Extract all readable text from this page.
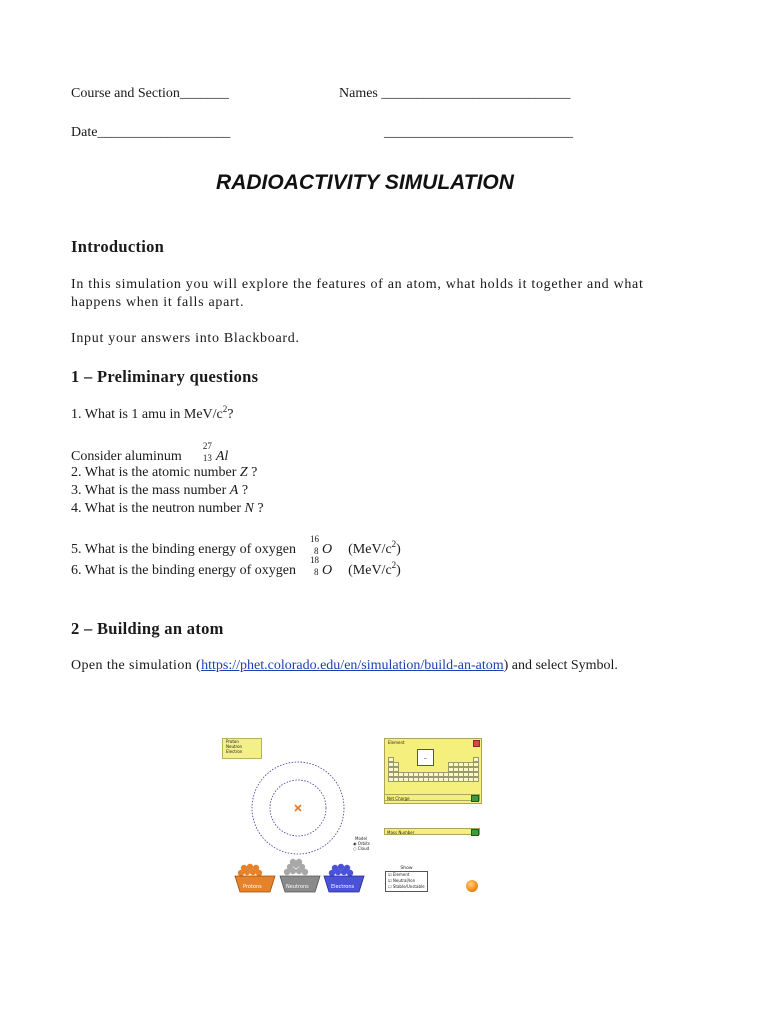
Course and Section_______	Names ___________________________
Date___________________	___________________________
RADIOACTIVITY SIMULATION
Introduction
In this simulation you will explore the features of an atom, what holds it together and what
happens when it falls apart.
Input your answers into Blackboard.
1 – Preliminary questions
1. What is 1 amu in MeV/$c^2$?
Consider aluminum
27
13 Al
2. What is the atomic number Z ?
3. What is the mass number A ?
4. What is the neutron number N ?
5. What is the binding energy of oxygen
16
8 O $(MeV/c^2)$
6. What is the binding energy of oxygen
18
8 O $(MeV/c^2)$
2 – Building an atom
Open the simulation (https://phet.colorado.edu/en/simulation/build-an-atom) and select Symbol.
Proton
Neutron
Electron
Element
–
Net Charge
Mass Number
Model
◉ Orbits
○ Cloud
Show
☑ Element
☑ Neutral/Ion
☐ Stable/Unstable
Protons	Neutrons	Electrons
